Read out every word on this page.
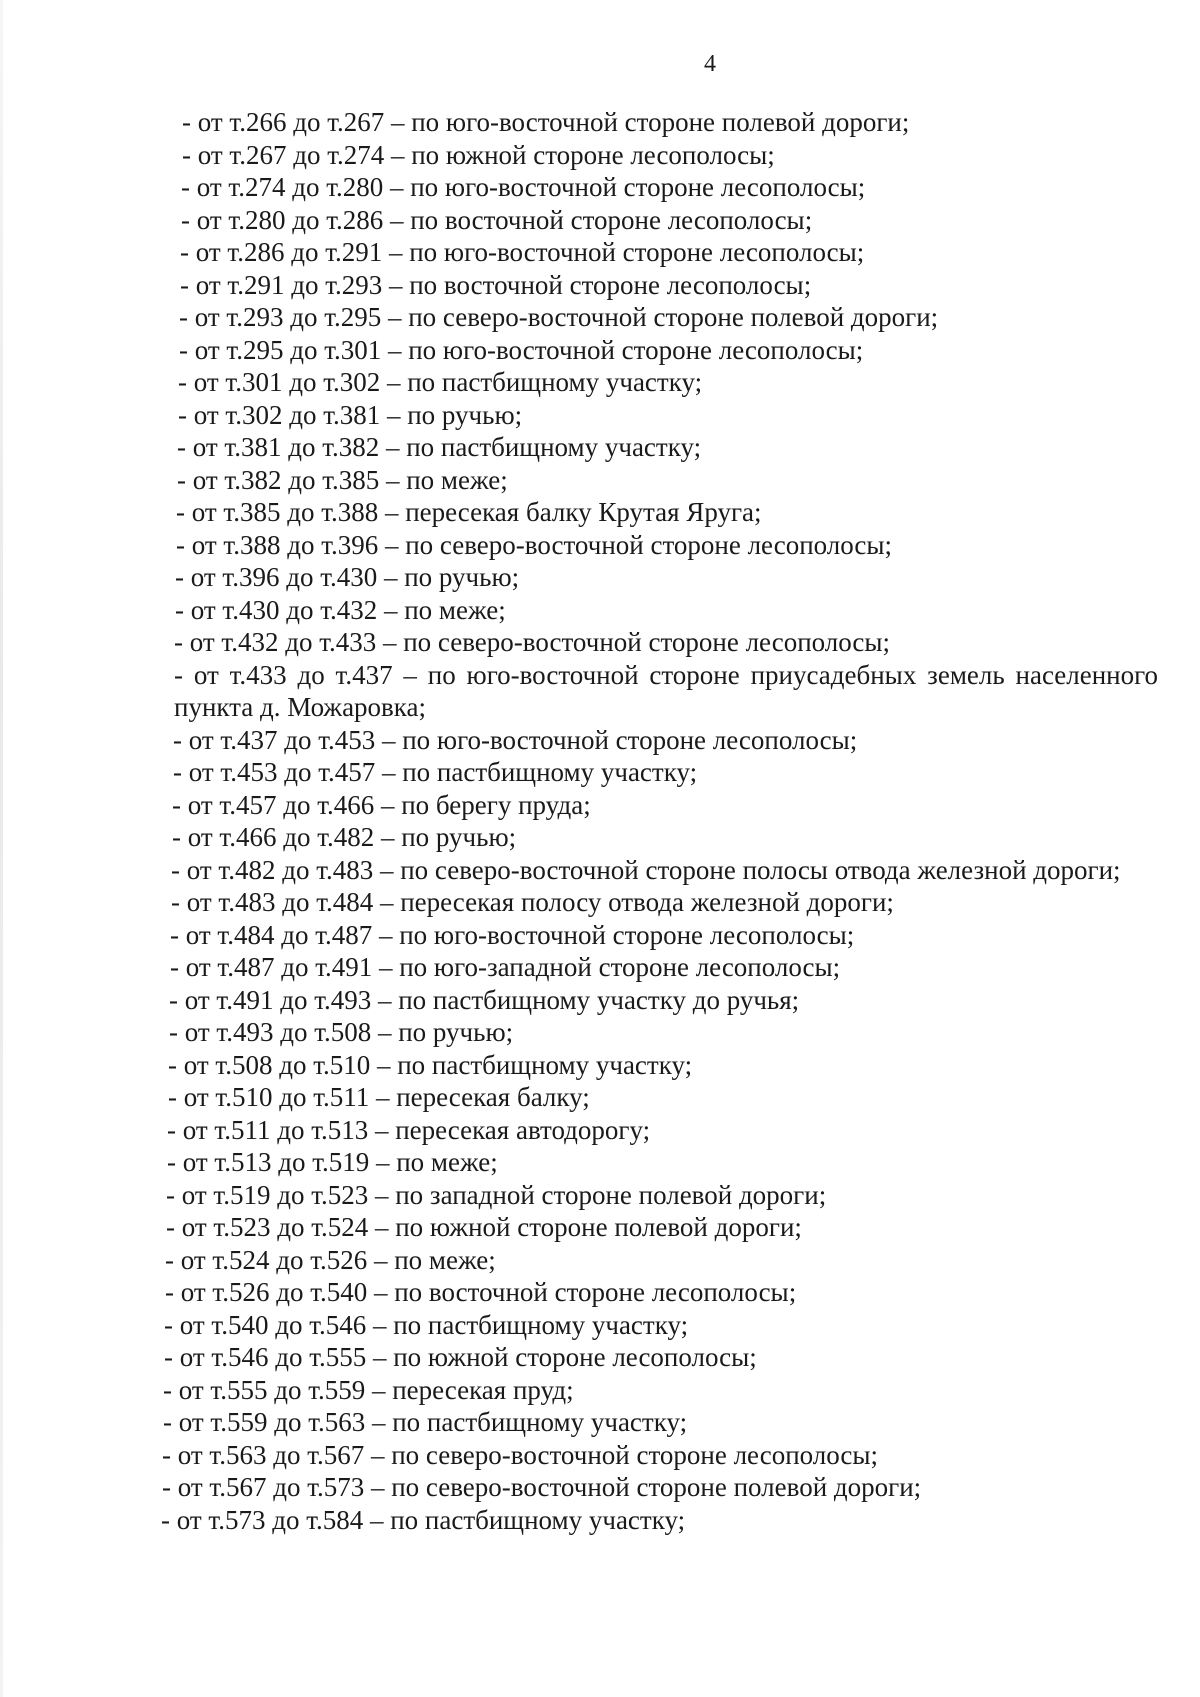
4
- от т.266 до т.267 – по юго-восточной стороне полевой дороги;
- от т.267 до т.274 – по южной стороне лесополосы;
- от т.274 до т.280 – по юго-восточной стороне лесополосы;
- от т.280 до т.286 – по восточной стороне лесополосы;
- от т.286 до т.291 – по юго-восточной стороне лесополосы;
- от т.291 до т.293 – по восточной стороне лесополосы;
- от т.293 до т.295 – по северо-восточной стороне полевой дороги;
- от т.295 до т.301 – по юго-восточной стороне лесополосы;
- от т.301 до т.302 – по пастбищному участку;
- от т.302 до т.381 – по ручью;
- от т.381 до т.382 – по пастбищному участку;
- от т.382 до т.385 – по меже;
- от т.385 до т.388 – пересекая балку Крутая Яруга;
- от т.388 до т.396 – по северо-восточной стороне лесополосы;
- от т.396 до т.430 – по ручью;
- от т.430 до т.432 – по меже;
- от т.432 до т.433 – по северо-восточной стороне лесополосы;
- от т.433 до т.437 – по юго-восточной стороне приусадебных земель населенного пункта д. Можаровка;
- от т.437 до т.453 – по юго-восточной стороне лесополосы;
- от т.453 до т.457 – по пастбищному участку;
- от т.457 до т.466 – по берегу пруда;
- от т.466 до т.482 – по ручью;
- от т.482 до т.483 – по северо-восточной стороне полосы отвода железной дороги;
- от т.483 до т.484 – пересекая полосу отвода железной дороги;
- от т.484 до т.487 – по юго-восточной стороне лесополосы;
- от т.487 до т.491 – по юго-западной стороне лесополосы;
- от т.491 до т.493 – по пастбищному участку до ручья;
- от т.493 до т.508 – по ручью;
- от т.508 до т.510 – по пастбищному участку;
- от т.510 до т.511 – пересекая балку;
- от т.511 до т.513 – пересекая автодорогу;
- от т.513 до т.519 – по меже;
- от т.519 до т.523 – по западной стороне полевой дороги;
- от т.523 до т.524 – по южной стороне полевой дороги;
- от т.524 до т.526 – по меже;
- от т.526 до т.540 – по восточной стороне лесополосы;
- от т.540 до т.546 – по пастбищному участку;
- от т.546 до т.555 – по южной стороне лесополосы;
- от т.555 до т.559 – пересекая пруд;
- от т.559 до т.563 – по пастбищному участку;
- от т.563 до т.567 – по северо-восточной стороне лесополосы;
- от т.567 до т.573 – по северо-восточной стороне полевой дороги;
- от т.573 до т.584 – по пастбищному участку;
